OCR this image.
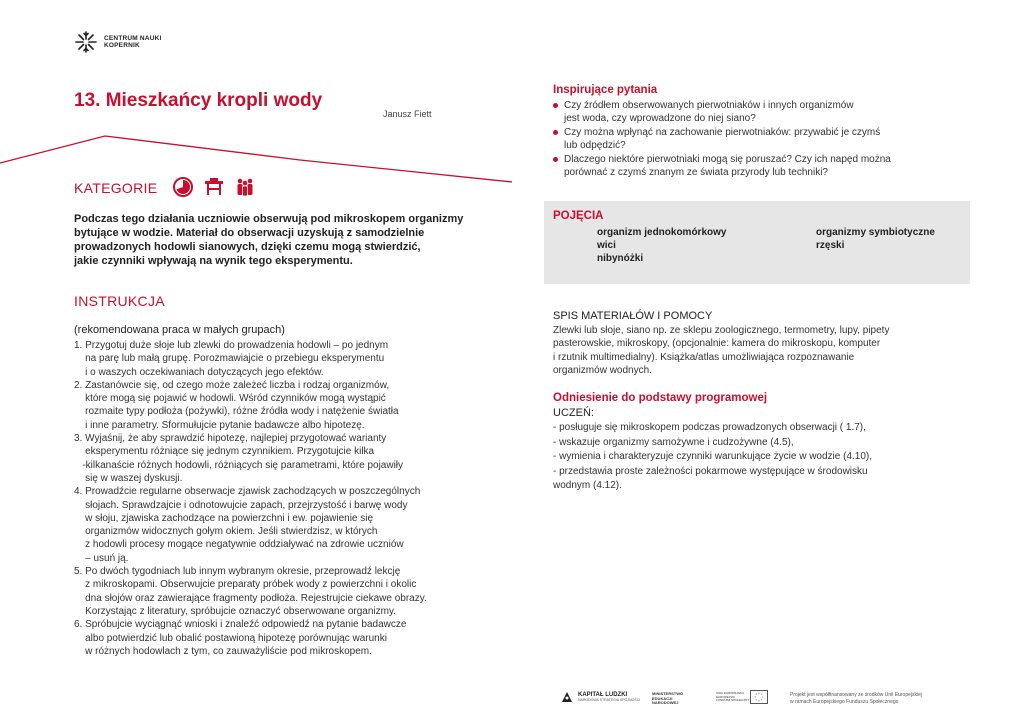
CENTRUM NAUKI
KOPERNIK
13. Mieszkańcy kropli wody
Janusz Fiett
KATEGORIE
Podczas tego działania uczniowie obserwują pod mikroskopem organizmy
bytujące w wodzie. Materiał do obserwacji uzyskują z samodzielnie
prowadzonych hodowli sianowych, dzięki czemu mogą stwierdzić,
jakie czynniki wpływają na wynik tego eksperymentu.
INSTRUKCJA
(rekomendowana praca w małych grupach)
1. Przygotuj duże słoje lub zlewki do prowadzenia hodowli – po jednym
na parę lub małą grupę. Porozmawiajcie o przebiegu eksperymentu
i o waszych oczekiwaniach dotyczących jego efektów.
2. Zastanówcie się, od czego może zależeć liczba i rodzaj organizmów,
które mogą się pojawić w hodowli. Wśród czynników mogą wystąpić
rozmaite typy podłoża (pożywki), różne źródła wody i natężenie światła
i inne parametry. Sformułujcie pytanie badawcze albo hipotezę.
3. Wyjaśnij, że aby sprawdzić hipotezę, najlepiej przygotować warianty
eksperymentu różniące się jednym czynnikiem. Przygotujcie kilka
-kilkanaście różnych hodowli, różniących się parametrami, które pojawiły
się w waszej dyskusji.
4. Prowadźcie regularne obserwacje zjawisk zachodzących w poszczególnych
słojach. Sprawdzajcie i odnotowujcie zapach, przejrzystość i barwę wody
w słoju, zjawiska zachodzące na powierzchni i ew. pojawienie się
organizmów widocznych gołym okiem. Jeśli stwierdzisz, w których
z hodowli procesy mogące negatywnie oddziaływać na zdrowie uczniów
– usuń ją.
5. Po dwóch tygodniach lub innym wybranym okresie, przeprowadź lekcję
z mikroskopami. Obserwujcie preparaty próbek wody z powierzchni i okolic
dna słojów oraz zawierające fragmenty podłoża. Rejestrujcie ciekawe obrazy.
Korzystając z literatury, spróbujcie oznaczyć obserwowane organizmy.
6. Spróbujcie wyciągnąć wnioski i znaleźć odpowiedź na pytanie badawcze
albo potwierdzić lub obalić postawioną hipotezę porównując warunki
w różnych hodowlach z tym, co zauważyliście pod mikroskopem.
Inspirujące pytania
Czy źródłem obserwowanych pierwotniaków i innych organizmów
jest woda, czy wprowadzone do niej siano?
Czy można wpłynąć na zachowanie pierwotniaków: przywabić je czymś
lub odpędzić?
Dlaczego niektóre pierwotniaki mogą się poruszać? Czy ich napęd można
porównać z czymś znanym ze świata przyrody lub techniki?
POJĘCIA
organizm jednokomórkowy
wici
nibynóżki
organizmy symbiotyczne
rzęski
SPIS MATERIAŁÓW I POMOCY
Zlewki lub słoje, siano np. ze sklepu zoologicznego, termometry, lupy, pipety
pasterowskie, mikroskopy, (opcjonalnie: kamera do mikroskopu, komputer
i rzutnik multimedialny). Książka/atlas umożliwiająca rozpoznawanie
organizmów wodnych.
Odniesienie do podstawy programowej
UCZEŃ:
- posługuje się mikroskopem podczas prowadzonych obserwacji ( 1.7),
- wskazuje organizmy samożywne i cudzożywne (4.5),
- wymienia i charakteryzuje czynniki warunkujące życie w wodzie (4.10),
- przedstawia proste zależności pokarmowe występujące w środowisku
wodnym (4.12).
KAPITAŁ LUDZKI
NARODOWA STRATEGIA SPÓJNOŚCI
MINISTERSTWO
EDUKACJI
NARODOWEJ
UNIA EUROPEJSKA
EUROPEJSKI
FUNDUSZ SPOŁECZNY
Projekt jest współfinansowany ze środków Unii Europejskiej
w ramach Europejskiego Funduszu Społecznego
